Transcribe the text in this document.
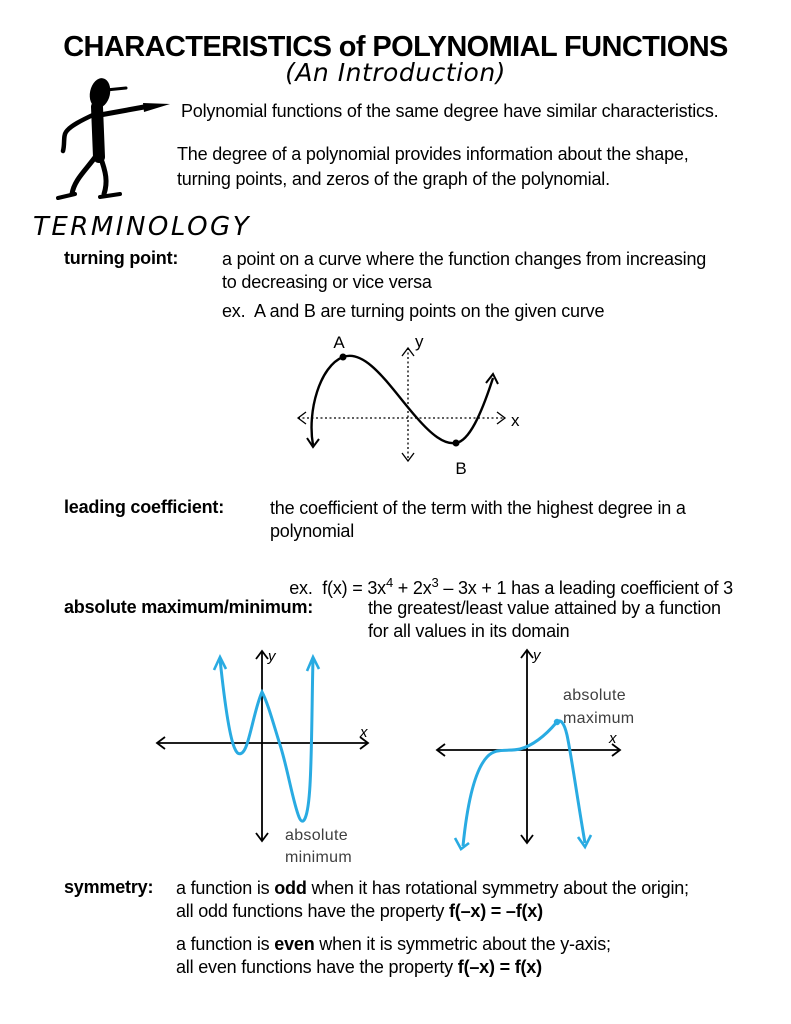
CHARACTERISTICS of POLYNOMIAL FUNCTIONS
(An Introduction)
Polynomial functions of the same degree have similar characteristics.
The degree of a polynomial provides information about the shape,
turning points, and zeros of the graph of the polynomial.
TERMINOLOGY
turning point: a point on a curve where the function changes from increasing
to decreasing or vice versa
ex.  A and B are turning points on the given curve
A
B
y
x
leading coefficient:	the coefficient of the term with the highest degree in a
polynomial

ex.  $f(x) = 3x^4 + 2x^3 - 3x + 1$ has a leading coefficient of 3

absolute maximum/minimum:	the greatest/least value attained by a function
for all values in its domain
y
x
absolute
minimum
y
x
absolute
maximum
symmetry: a function is odd when it has rotational symmetry about the origin;
all odd functions have the property f(–x) = –f(x)
a function is even when it is symmetric about the y-axis;
all even functions have the property f(–x) = f(x)
